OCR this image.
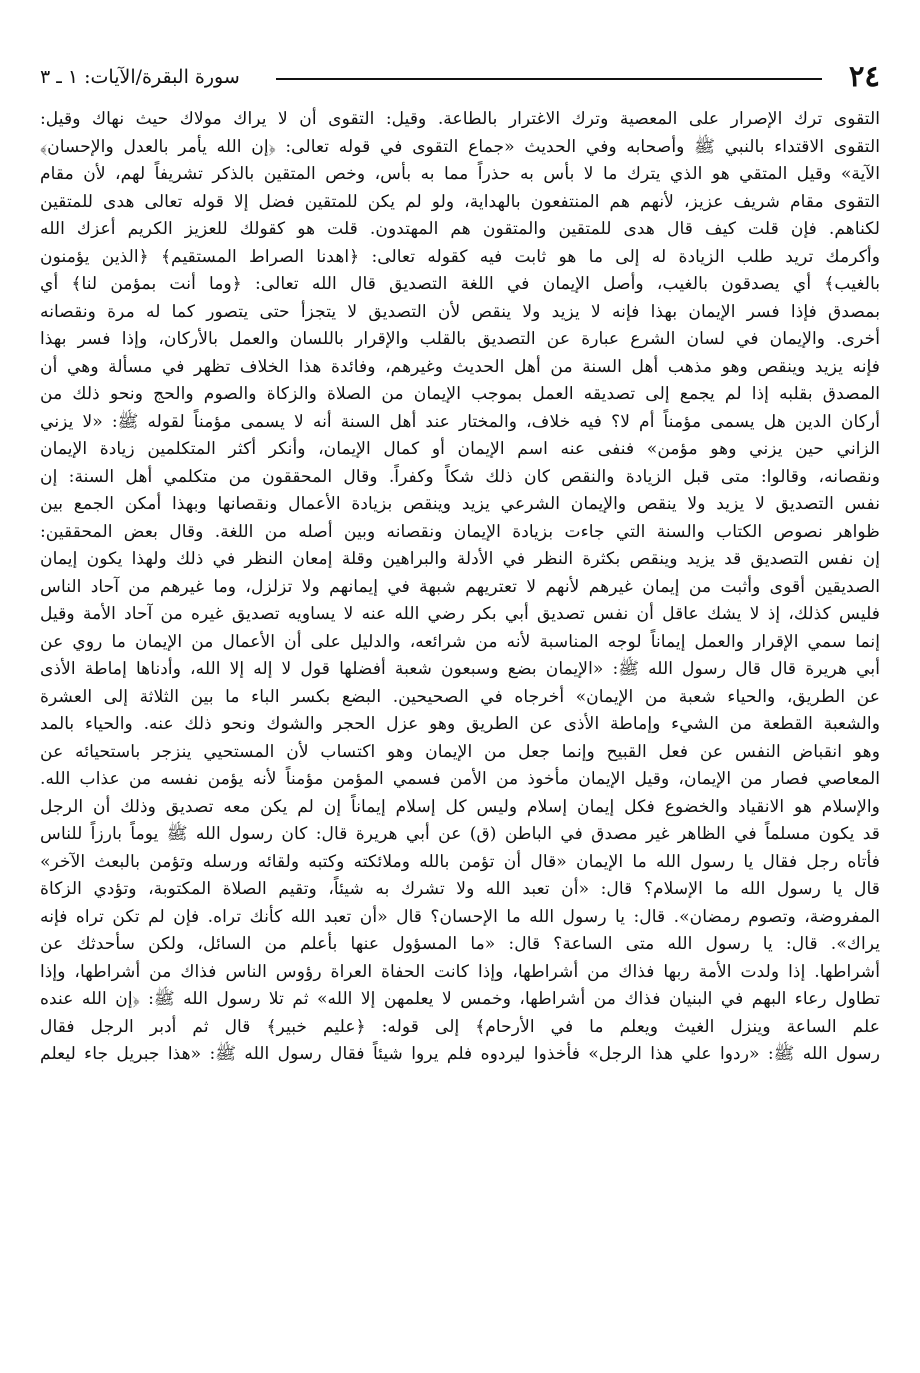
٢٤
سورة البقرة/الآيات: ١ ـ ٣
التقوى ترك الإصرار على المعصية وترك الاغترار بالطاعة. وقيل: التقوى أن لا يراك مولاك حيث نهاك وقيل:
التقوى الاقتداء بالنبي ﷺ وأصحابه وفي الحديث «جماع التقوى في قوله تعالى: ﴿إن الله يأمر بالعدل والإحسان﴾
الآية» وقيل المتقي هو الذي يترك ما لا بأس به حذراً مما به بأس، وخص المتقين بالذكر تشريفاً لهم، لأن مقام
التقوى مقام شريف عزيز، لأنهم هم المنتفعون بالهداية، ولو لم يكن للمتقين فضل إلا قوله تعالى هدى للمتقين
لكناهم. فإن قلت كيف قال هدى للمتقين والمتقون هم المهتدون. قلت هو كقولك للعزيز الكريم أعزك الله
وأكرمك تريد طلب الزيادة له إلى ما هو ثابت فيه كقوله تعالى: ﴿اهدنا الصراط المستقيم﴾ ﴿الذين يؤمنون
بالغيب﴾ أي يصدقون بالغيب، وأصل الإيمان في اللغة التصديق قال الله تعالى: ﴿وما أنت بمؤمن لنا﴾ أي
بمصدق فإذا فسر الإيمان بهذا فإنه لا يزيد ولا ينقص لأن التصديق لا يتجزأ حتى يتصور كما له مرة ونقصانه
أخرى. والإيمان في لسان الشرع عبارة عن التصديق بالقلب والإقرار باللسان والعمل بالأركان، وإذا فسر بهذا
فإنه يزيد وينقص وهو مذهب أهل السنة من أهل الحديث وغيرهم، وفائدة هذا الخلاف تظهر في مسألة وهي أن
المصدق بقلبه إذا لم يجمع إلى تصديقه العمل بموجب الإيمان من الصلاة والزكاة والصوم والحج ونحو ذلك من
أركان الدين هل يسمى مؤمناً أم لا؟ فيه خلاف، والمختار عند أهل السنة أنه لا يسمى مؤمناً لقوله ﷺ: «لا يزني
الزاني حين يزني وهو مؤمن» فنفى عنه اسم الإيمان أو كمال الإيمان، وأنكر أكثر المتكلمين زيادة الإيمان
ونقصانه، وقالوا: متى قبل الزيادة والنقص كان ذلك شكاً وكفراً. وقال المحققون من متكلمي أهل السنة: إن
نفس التصديق لا يزيد ولا ينقص والإيمان الشرعي يزيد وينقص بزيادة الأعمال ونقصانها وبهذا أمكن الجمع بين
ظواهر نصوص الكتاب والسنة التي جاءت بزيادة الإيمان ونقصانه وبين أصله من اللغة. وقال بعض المحققين:
إن نفس التصديق قد يزيد وينقص بكثرة النظر في الأدلة والبراهين وقلة إمعان النظر في ذلك ولهذا يكون إيمان
الصديقين أقوى وأثبت من إيمان غيرهم لأنهم لا تعتريهم شبهة في إيمانهم ولا تزلزل، وما غيرهم من آحاد الناس
فليس كذلك، إذ لا يشك عاقل أن نفس تصديق أبي بكر رضي الله عنه لا يساويه تصديق غيره من آحاد الأمة وقيل
إنما سمي الإقرار والعمل إيماناً لوجه المناسبة لأنه من شرائعه، والدليل على أن الأعمال من الإيمان ما روي عن
أبي هريرة قال قال رسول الله ﷺ: «الإيمان بضع وسبعون شعبة أفضلها قول لا إله إلا الله، وأدناها إماطة الأذى
عن الطريق، والحياء شعبة من الإيمان» أخرجاه في الصحيحين. البضع بكسر الباء ما بين الثلاثة إلى العشرة
والشعبة القطعة من الشيء وإماطة الأذى عن الطريق وهو عزل الحجر والشوك ونحو ذلك عنه. والحياء بالمد
وهو انقباض النفس عن فعل القبيح وإنما جعل من الإيمان وهو اكتساب لأن المستحيي ينزجر باستحيائه عن
المعاصي فصار من الإيمان، وقيل الإيمان مأخوذ من الأمن فسمي المؤمن مؤمناً لأنه يؤمن نفسه من عذاب الله.
والإسلام هو الانقياد والخضوع فكل إيمان إسلام وليس كل إسلام إيماناً إن لم يكن معه تصديق وذلك أن الرجل
قد يكون مسلماً في الظاهر غير مصدق في الباطن (ق) عن أبي هريرة قال: كان رسول الله ﷺ يوماً بارزاً للناس
فأتاه رجل فقال يا رسول الله ما الإيمان «قال أن تؤمن بالله وملائكته وكتبه ولقائه ورسله وتؤمن بالبعث الآخر»
قال يا رسول الله ما الإسلام؟ قال: «أن تعبد الله ولا تشرك به شيئاً، وتقيم الصلاة المكتوبة، وتؤدي الزكاة
المفروضة، وتصوم رمضان». قال: يا رسول الله ما الإحسان؟ قال «أن تعبد الله كأنك تراه. فإن لم تكن تراه فإنه
يراك». قال: يا رسول الله متى الساعة؟ قال: «ما المسؤول عنها بأعلم من السائل، ولكن سأحدثك عن
أشراطها. إذا ولدت الأمة ربها فذاك من أشراطها، وإذا كانت الحفاة العراة رؤوس الناس فذاك من أشراطها، وإذا
تطاول رعاء البهم في البنيان فذاك من أشراطها، وخمس لا يعلمهن إلا الله» ثم تلا رسول الله ﷺ: ﴿إن الله عنده
علم الساعة وينزل الغيث ويعلم ما في الأرحام﴾ إلى قوله: ﴿عليم خبير﴾ قال ثم أدبر الرجل فقال
رسول الله ﷺ: «ردوا علي هذا الرجل» فأخذوا ليردوه فلم يروا شيئاً فقال رسول الله ﷺ: «هذا جبريل جاء ليعلم
